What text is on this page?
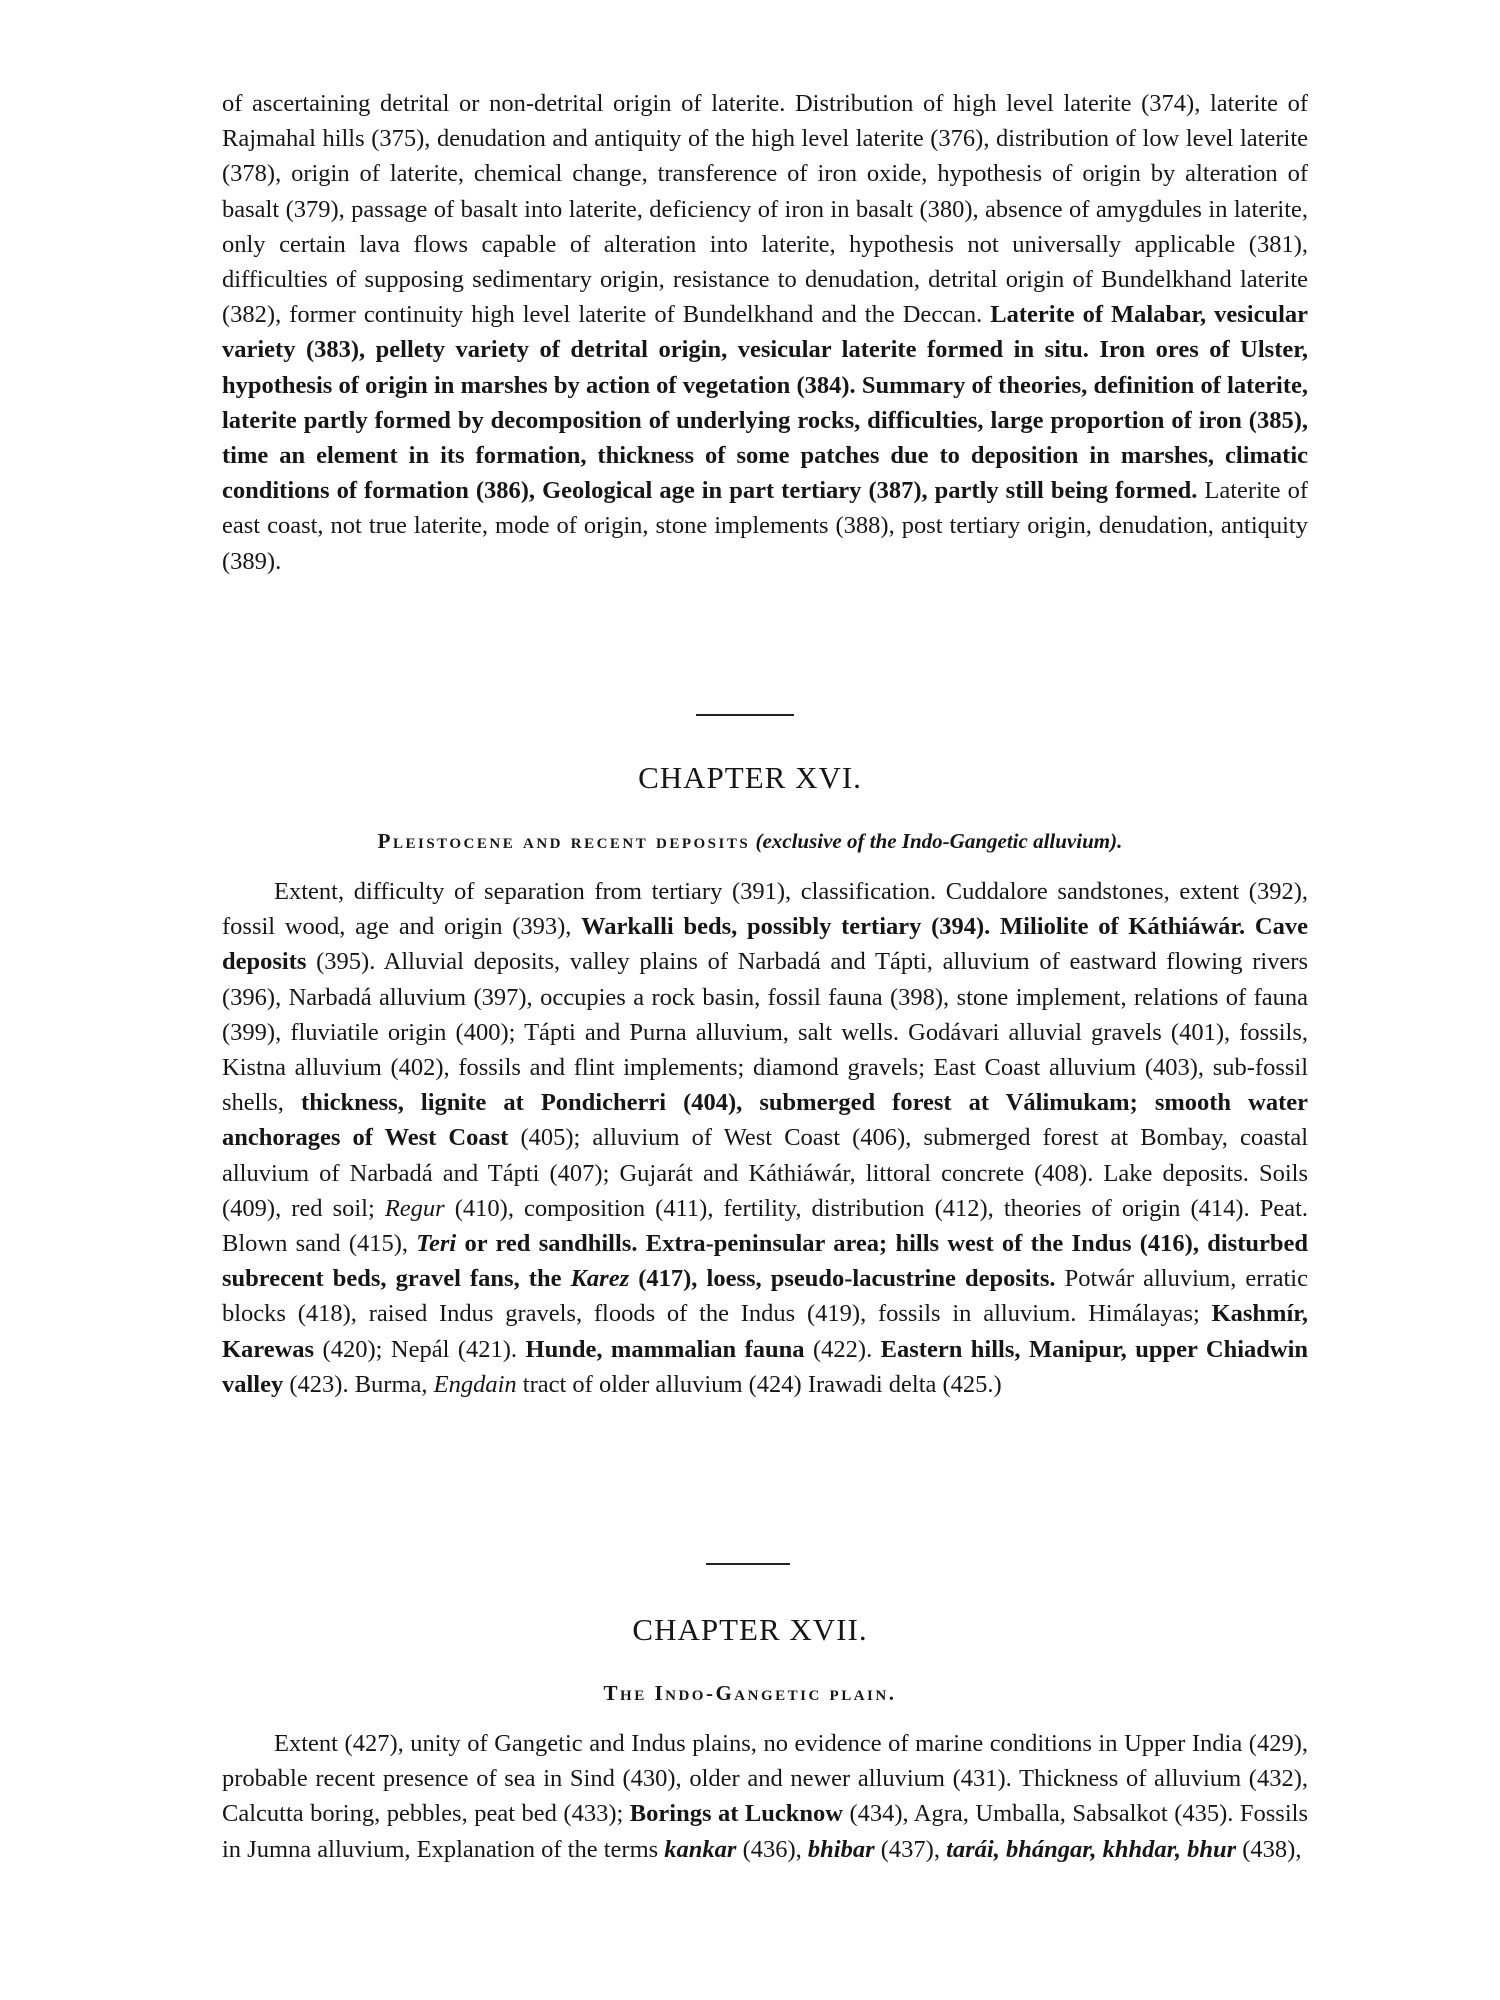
of ascertaining detrital or non-detrital origin of laterite. Distribution of high level laterite (374), laterite of Rajmahal hills (375), denudation and antiquity of the high level laterite (376), distribution of low level laterite (378), origin of laterite, chemical change, transference of iron oxide, hypothesis of origin by alteration of basalt (379), passage of basalt into laterite, deficiency of iron in basalt (380), absence of amygdules in laterite, only certain lava flows capable of alteration into laterite, hypothesis not universally applicable (381), difficulties of supposing sedimentary origin, resistance to denudation, detrital origin of Bundelkhand laterite (382), former continuity high level laterite of Bundelkhand and the Deccan. Laterite of Malabar, vesicular variety (383), pellety variety of detrital origin, vesicular laterite formed in situ. Iron ores of Ulster, hypothesis of origin in marshes by action of vegetation (384). Summary of theories, definition of laterite, laterite partly formed by decomposition of underlying rocks, difficulties, large proportion of iron (385), time an element in its formation, thickness of some patches due to deposition in marshes, climatic conditions of formation (386), Geological age in part tertiary (387), partly still being formed. Laterite of east coast, not true laterite, mode of origin, stone implements (388), post tertiary origin, denudation, antiquity (389).

CHAPTER XVI.

Pleistocene and recent deposits (exclusive of the Indo-Gangetic alluvium).

Extent, difficulty of separation from tertiary (391), classification. Cuddalore sandstones, extent (392), fossil wood, age and origin (393), Warkalli beds, possibly tertiary (394). Miliolite of Káthiáwár. Cave deposits (395). Alluvial deposits, valley plains of Narbadá and Tápti, alluvium of eastward flowing rivers (396), Narbadá alluvium (397), occupies a rock basin, fossil fauna (398), stone implement, relations of fauna (399), fluviatile origin (400); Tápti and Purna alluvium, salt wells. Godávari alluvial gravels (401), fossils, Kistna alluvium (402), fossils and flint implements; diamond gravels; East Coast alluvium (403), sub-fossil shells, thickness, lignite at Pondicherri (404), submerged forest at Válimukam; smooth water anchorages of West Coast (405); alluvium of West Coast (406), submerged forest at Bombay, coastal alluvium of Narbadá and Tápti (407); Gujarát and Káthiáwár, littoral concrete (408). Lake deposits. Soils (409), red soil; Regur (410), composition (411), fertility, distribution (412), theories of origin (414). Peat. Blown sand (415), Teri or red sandhills. Extra-peninsular area; hills west of the Indus (416), disturbed subrecent beds, gravel fans, the Karez (417), loess, pseudo-lacustrine deposits. Potwár alluvium, erratic blocks (418), raised Indus gravels, floods of the Indus (419), fossils in alluvium. Himálayas; Kashmír, Karewas (420); Nepál (421). Hunde, mammalian fauna (422). Eastern hills, Manipur, upper Chiadwin valley (423). Burma, Engdain tract of older alluvium (424) Irawadi delta (425.)

CHAPTER XVII.

The Indo-Gangetic plain.

Extent (427), unity of Gangetic and Indus plains, no evidence of marine conditions in Upper India (429), probable recent presence of sea in Sind (430), older and newer alluvium (431). Thickness of alluvium (432), Calcutta boring, pebbles, peat bed (433); Borings at Lucknow (434), Agra, Umballa, Sabsalkot (435). Fossils in Jumna alluvium, Explanation of the terms kankar (436), bhibar (437), tarái, bhángar, khhdar, bhur (438),
